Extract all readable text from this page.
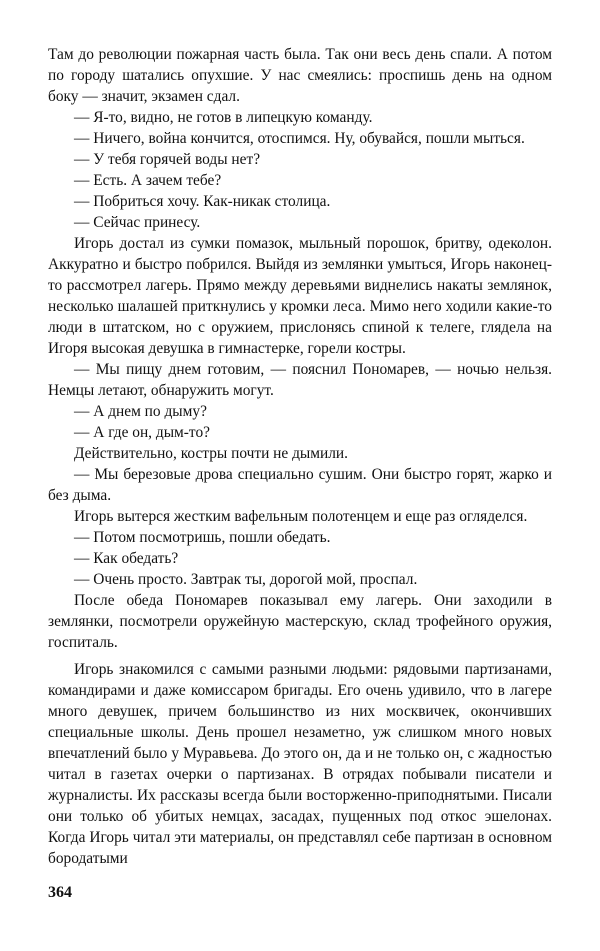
Там до революции пожарная часть была. Так они весь день спали. А потом по городу шатались опухшие. У нас смеялись: проспишь день на одном боку — значит, экзамен сдал.

— Я-то, видно, не готов в липецкую команду.

— Ничего, война кончится, отоспимся. Ну, обувайся, пошли мыться.

— У тебя горячей воды нет?

— Есть. А зачем тебе?

— Побриться хочу. Как-никак столица.

— Сейчас принесу.

Игорь достал из сумки помазок, мыльный порошок, бритву, одеколон. Аккуратно и быстро побрился. Выйдя из землянки умыться, Игорь наконец-то рассмотрел лагерь. Прямо между деревьями виднелись накаты землянок, несколько шалашей приткнулись у кромки леса. Мимо него ходили какие-то люди в штатском, но с оружием, прислонясь спиной к телеге, глядела на Игоря высокая девушка в гимнастерке, горели костры.

— Мы пищу днем готовим, — пояснил Пономарев, — ночью нельзя. Немцы летают, обнаружить могут.

— А днем по дыму?

— А где он, дым-то?

Действительно, костры почти не дымили.

— Мы березовые дрова специально сушим. Они быстро горят, жарко и без дыма.

Игорь вытерся жестким вафельным полотенцем и еще раз огляделся.

— Потом посмотришь, пошли обедать.

— Как обедать?

— Очень просто. Завтрак ты, дорогой мой, проспал.

После обеда Пономарев показывал ему лагерь. Они заходили в землянки, посмотрели оружейную мастерскую, склад трофейного оружия, госпиталь.

Игорь знакомился с самыми разными людьми: рядовыми партизанами, командирами и даже комиссаром бригады. Его очень удивило, что в лагере много девушек, причем большинство из них москвичек, окончивших специальные школы. День прошел незаметно, уж слишком много новых впечатлений было у Муравьева. До этого он, да и не только он, с жадностью читал в газетах очерки о партизанах. В отрядах побывали писатели и журналисты. Их рассказы всегда были восторженно-приподнятыми. Писали они только об убитых немцах, засадах, пущенных под откос эшелонах. Когда Игорь читал эти материалы, он представлял себе партизан в основном бородатыми

364
